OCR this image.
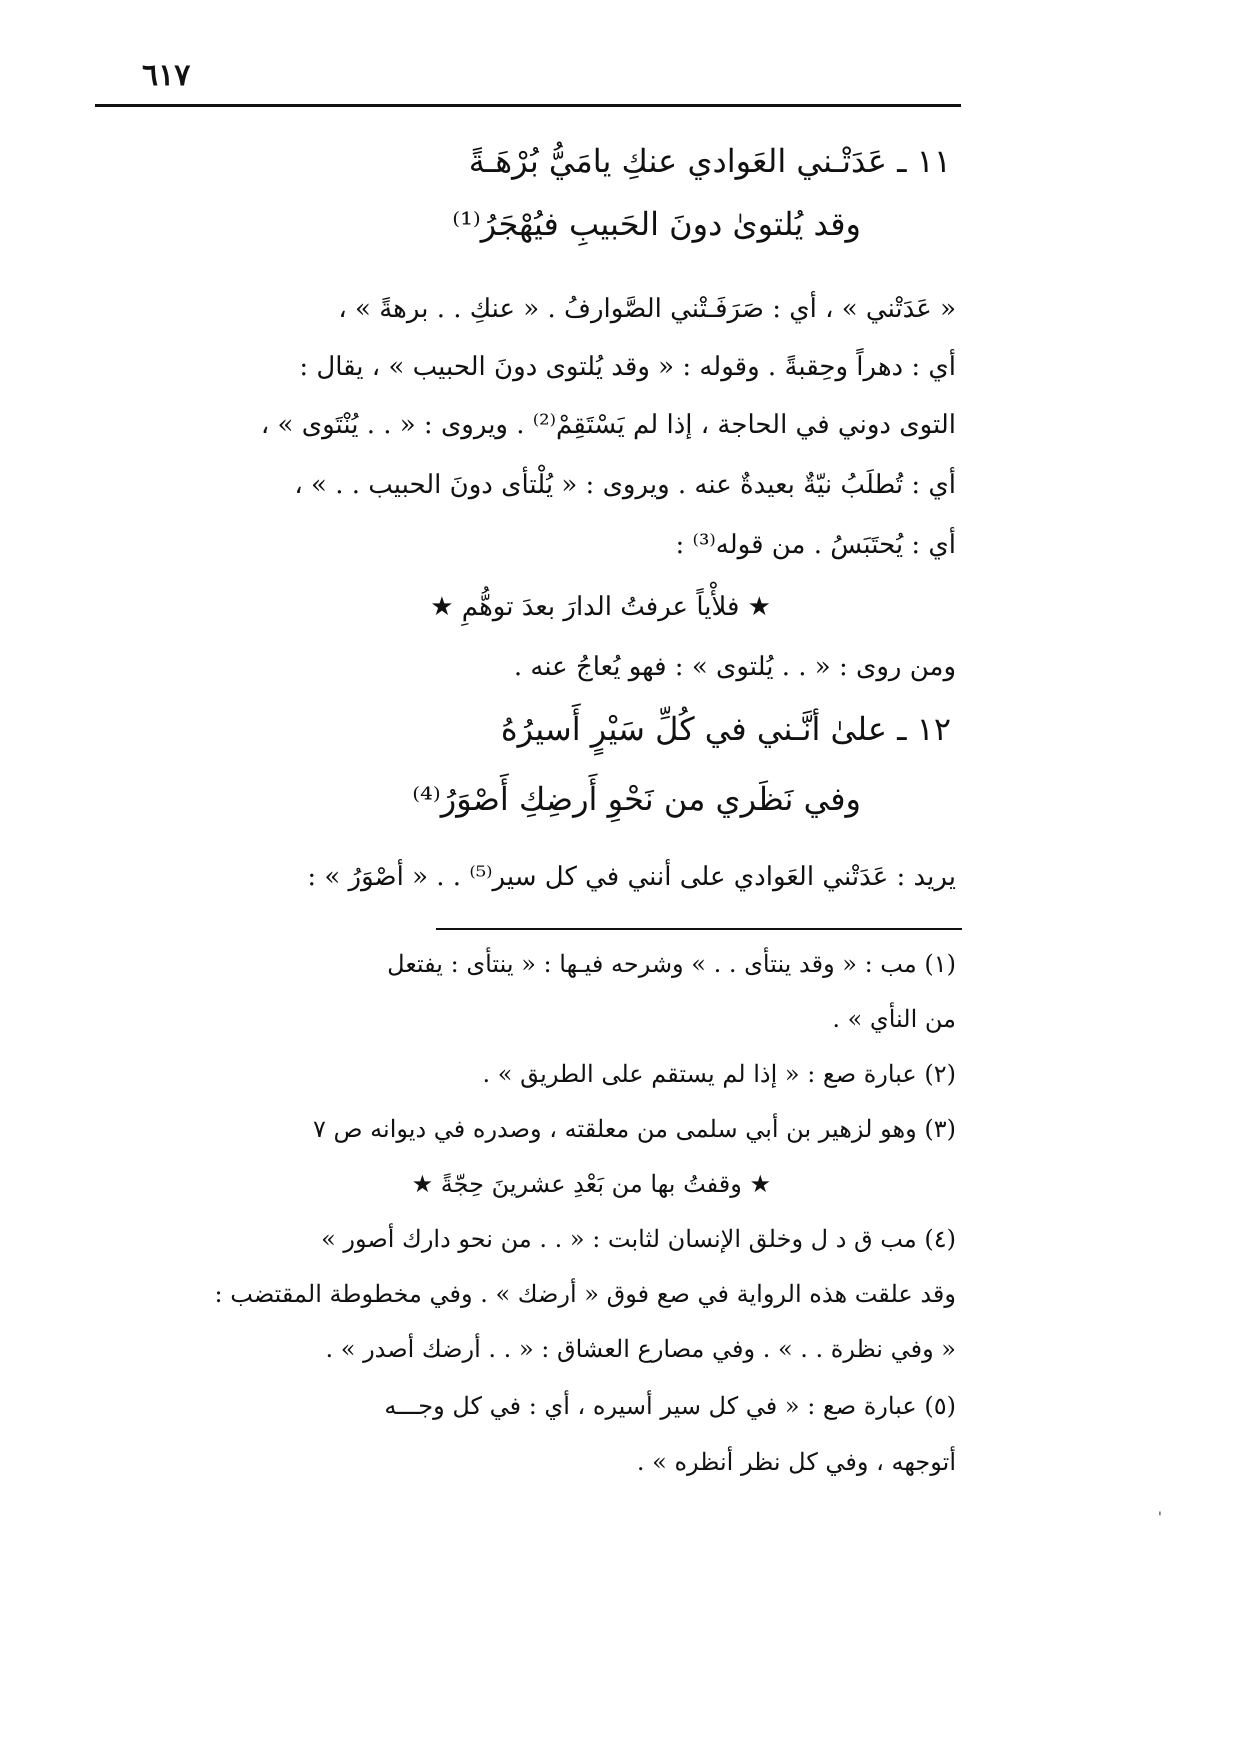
٦١٧
١١ ـ عَدَتْـني العَوادي عنكِ يامَيُّ بُرْهَـةً
وقد يُلتوىٰ دونَ الحَبيبِ فيُهْجَرُ⁽¹⁾
« عَدَتْني » ، أي : صَرَفَـتْني الصَّوارفُ . « عنكِ . . برهةً » ،
أي : دهراً وحِقبةً . وقوله : « وقد يُلتوى دونَ الحبيب » ، يقال :
التوى دوني في الحاجة ، إذا لم يَسْتَقِمْ⁽²⁾ . ويروى : « . . يُنْتَوى » ،
أي : تُطلَبُ نيّةٌ بعيدةٌ عنه . ويروى : « يُلْتأى دونَ الحبيب . . » ،
أي : يُحتَبَسُ . من قوله⁽³⁾ :
★ فلأْياً عرفتُ الدارَ بعدَ توهُّمِ ★
ومن روى : « . . يُلتوى » : فهو يُعاجُ عنه .
١٢ ـ علىٰ أنَّـني في كُلِّ سَيْرٍ أَسيرُهُ
وفي نَظَري من نَحْوِ أَرضِكِ أَصْوَرُ⁽⁴⁾
يريد : عَدَتْني العَوادي على أنني في كل سير⁽⁵⁾ . . « أصْوَرُ » :
(١) مب : « وقد ينتأى . . » وشرحه فيـها : « ينتأى : يفتعل
من النأي » .
(٢) عبارة صع : « إذا لم يستقم على الطريق » .
(٣) وهو لزهير بن أبي سلمى من معلقته ، وصدره في ديوانه ص ٧
★ وقفتُ بها من بَعْدِ عشرينَ حِجّةً ★
(٤) مب ق د ل وخلق الإنسان لثابت : « . . من نحو دارك أصور »
وقد علقت هذه الرواية في صع فوق « أرضك » . وفي مخطوطة المقتضب :
« وفي نظرة . . » . وفي مصارع العشاق : « . . أرضك أصدر » .
(٥) عبارة صع : « في كل سير أسيره ، أي : في كل وجـــه
أتوجهه ، وفي كل نظر أنظره » .
'
